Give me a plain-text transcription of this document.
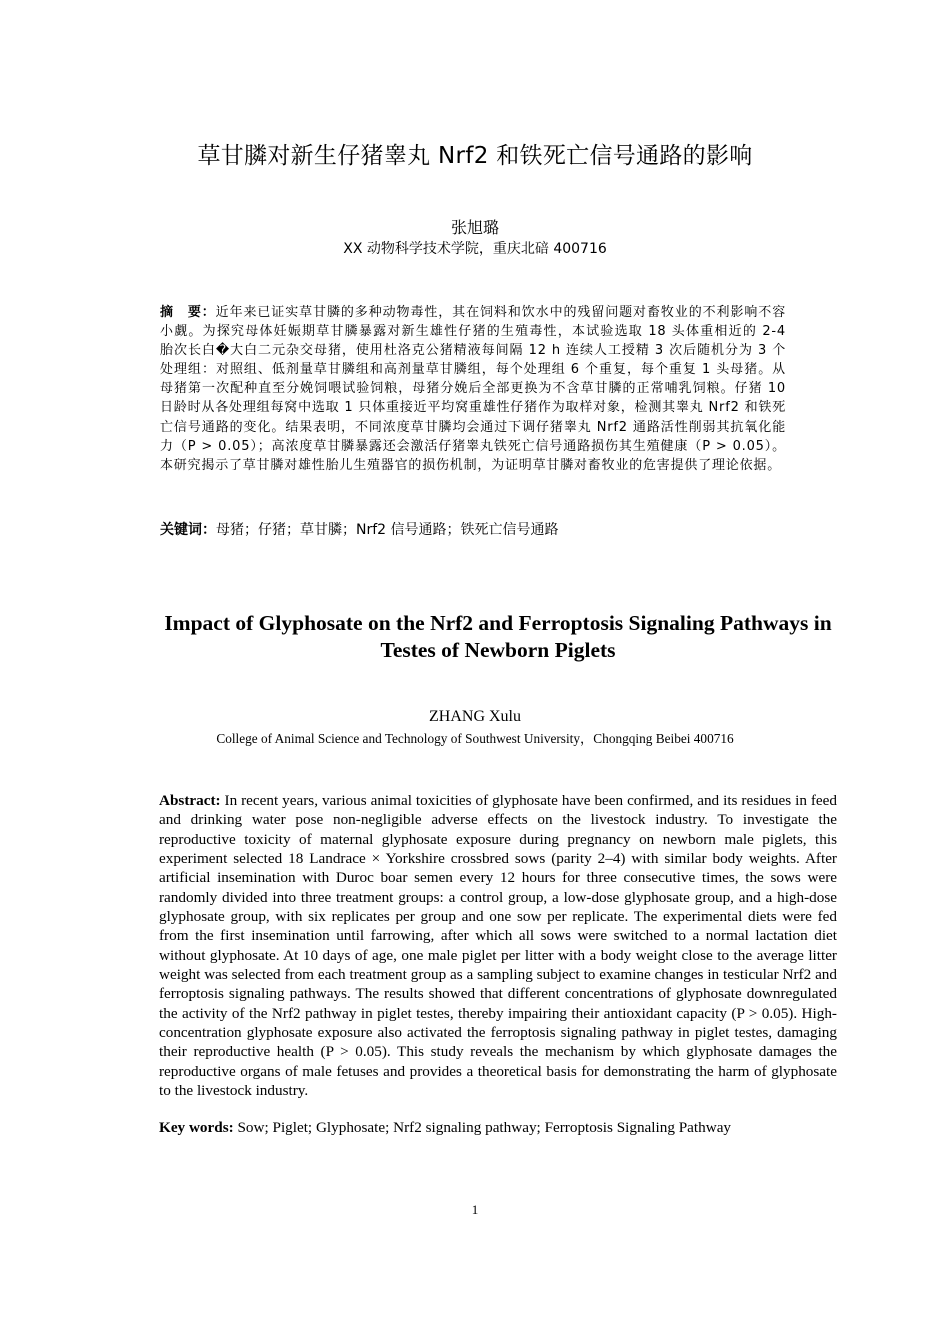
草甘膦对新生仔猪睾丸 Nrf2 和铁死亡信号通路的影响
张旭璐
XX 动物科学技术学院，重庆北碚 400716

摘　要：近年来已证实草甘膦的多种动物毒性，其在饲料和饮水中的残留问题对畜牧业的不利影响不容小觑。为探究母体妊娠期草甘膦暴露对新生雄性仔猪的生殖毒性，本试验选取 18 头体重相近的 2-4 胎次长白�大白二元杂交母猪，使用杜洛克公猪精液每间隔 12 h 连续人工授精 3 次后随机分为 3 个处理组：对照组、低剂量草甘膦组和高剂量草甘膦组，每个处理组 6 个重复，每个重复 1 头母猪。从母猪第一次配种直至分娩饲喂试验饲粮，母猪分娩后全部更换为不含草甘膦的正常哺乳饲粮。仔猪 10 日龄时从各处理组每窝中选取 1 只体重接近平均窝重雄性仔猪作为取样对象，检测其睾丸 Nrf2 和铁死亡信号通路的变化。结果表明，不同浓度草甘膦均会通过下调仔猪睾丸 Nrf2 通路活性削弱其抗氧化能力（P > 0.05）；高浓度草甘膦暴露还会激活仔猪睾丸铁死亡信号通路损伤其生殖健康（P > 0.05）。本研究揭示了草甘膦对雄性胎儿生殖器官的损伤机制，为证明草甘膦对畜牧业的危害提供了理论依据。

关键词：母猪；仔猪；草甘膦；Nrf2 信号通路；铁死亡信号通路

Impact of Glyphosate on the Nrf2 and Ferroptosis Signaling Pathways in Testes of Newborn Piglets
ZHANG Xulu
College of Animal Science and Technology of Southwest University，Chongqing Beibei 400716

Abstract: In recent years, various animal toxicities of glyphosate have been confirmed, and its residues in feed and drinking water pose non-negligible adverse effects on the livestock industry. To investigate the reproductive toxicity of maternal glyphosate exposure during pregnancy on newborn male piglets, this experiment selected 18 Landrace × Yorkshire crossbred sows (parity 2–4) with similar body weights. After artificial insemination with Duroc boar semen every 12 hours for three consecutive times, the sows were randomly divided into three treatment groups: a control group, a low-dose glyphosate group, and a high-dose glyphosate group, with six replicates per group and one sow per replicate. The experimental diets were fed from the first insemination until farrowing, after which all sows were switched to a normal lactation diet without glyphosate. At 10 days of age, one male piglet per litter with a body weight close to the average litter weight was selected from each treatment group as a sampling subject to examine changes in testicular Nrf2 and ferroptosis signaling pathways. The results showed that different concentrations of glyphosate downregulated the activity of the Nrf2 pathway in piglet testes, thereby impairing their antioxidant capacity (P > 0.05). High-concentration glyphosate exposure also activated the ferroptosis signaling pathway in piglet testes, damaging their reproductive health (P > 0.05). This study reveals the mechanism by which glyphosate damages the reproductive organs of male fetuses and provides a theoretical basis for demonstrating the harm of glyphosate to the livestock industry.

Key words: Sow; Piglet; Glyphosate; Nrf2 signaling pathway; Ferroptosis Signaling Pathway

1
